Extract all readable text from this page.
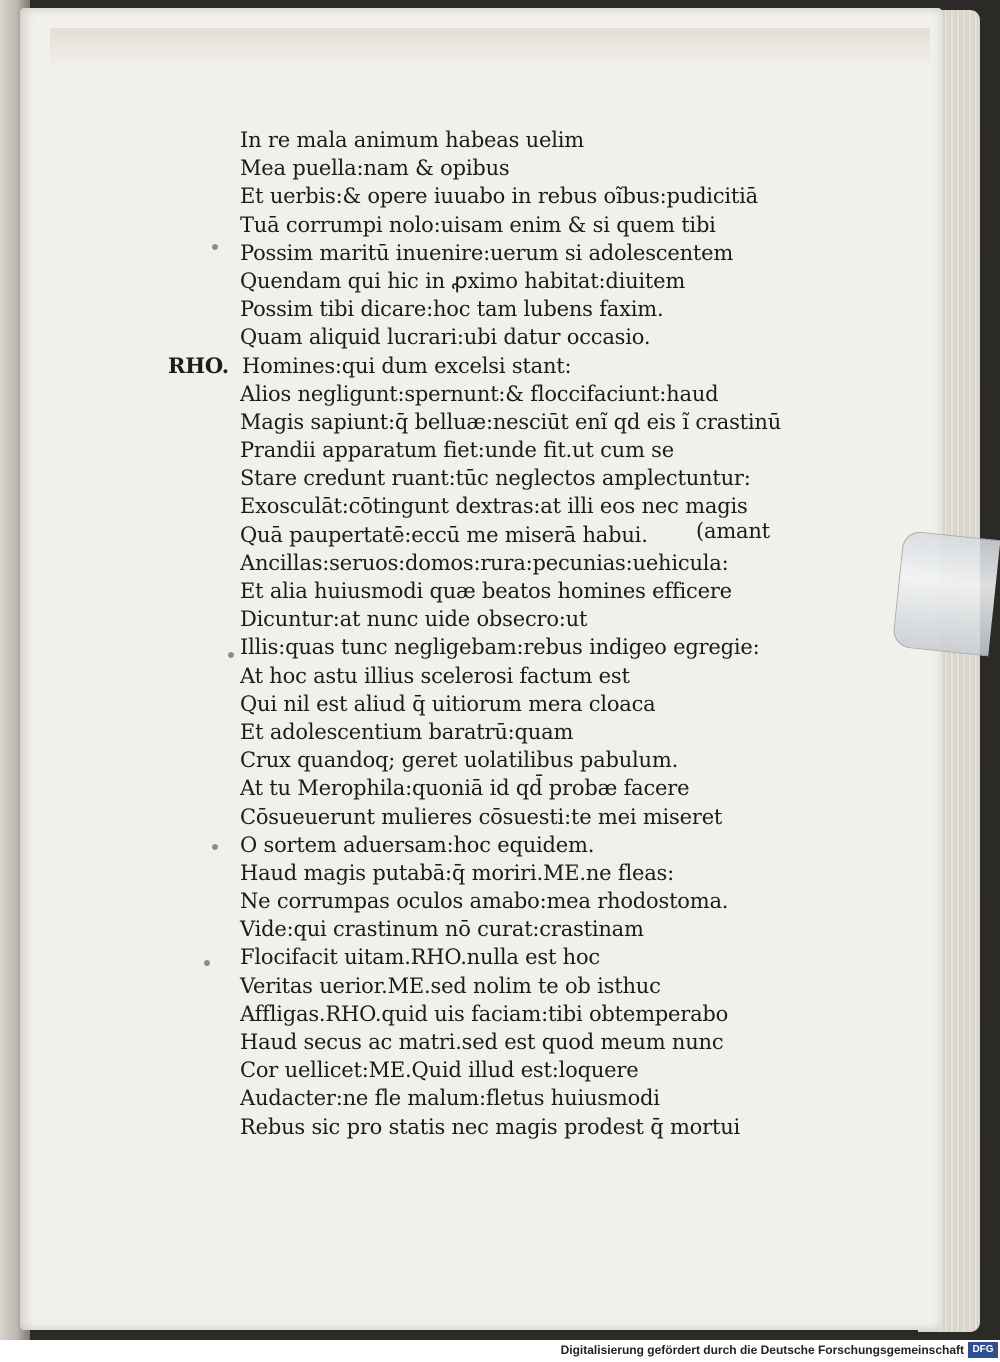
In re mala animum habeas uelim
Mea puella:nam & opibus
Et uerbis:& opere iuuabo in rebus oĩbus:pudicitiā
Tuā corrumpi nolo:uisam enim & si quem tibi
Possim maritū inuenire:uerum si adolescentem
Quendam qui hic in ꝓximo habitat:diuitem
Possim tibi dicare:hoc tam lubens faxim.
Quam aliquid lucrari:ubi datur occasio.
RHO. Homines:qui dum excelsi stant:
Alios negligunt:spernunt:& floccifaciunt:haud
Magis sapiunt:q̄ belluæ:nesciūt enĩ qd eis ĩ crastinū
Prandii apparatum fiet:unde fit.ut cum se
Stare credunt ruant:tūc neglectos amplectuntur:
Exosculāt:cōtingunt dextras:at illi eos nec magis
Quā paupertatē:eccū me miserā habui. (amant
Ancillas:seruos:domos:rura:pecunias:uehicula:
Et alia huiusmodi quæ beatos homines efficere
Dicuntur:at nunc uide obsecro:ut
Illis:quas tunc negligebam:rebus indigeo egregie:
At hoc astu illius scelerosi factum est
Qui nil est aliud q̄ uitiorum mera cloaca
Et adolescentium baratrū:quam
Crux quandoq; geret uolatilibus pabulum.
At tu Merophila:quoniā id qd̄ probæ facere
Cōsueuerunt mulieres cōsuesti:te mei miseret
O sortem aduersam:hoc equidem.
Haud magis putabā:q̄ moriri.ME.ne fleas:
Ne corrumpas oculos amabo:mea rhodostoma.
Vide:qui crastinum nō curat:crastinam
Flocifacit uitam.RHO.nulla est hoc
Veritas uerior.ME.sed nolim te ob isthuc
Affligas.RHO.quid uis faciam:tibi obtemperabo
Haud secus ac matri.sed est quod meum nunc
Cor uellicet:ME.Quid illud est:loquere
Audacter:ne fle malum:fletus huiusmodi
Rebus sic pro statis nec magis prodest q̄ mortui
Digitalisierung gefördert durch die Deutsche Forschungsgemeinschaft DFG
